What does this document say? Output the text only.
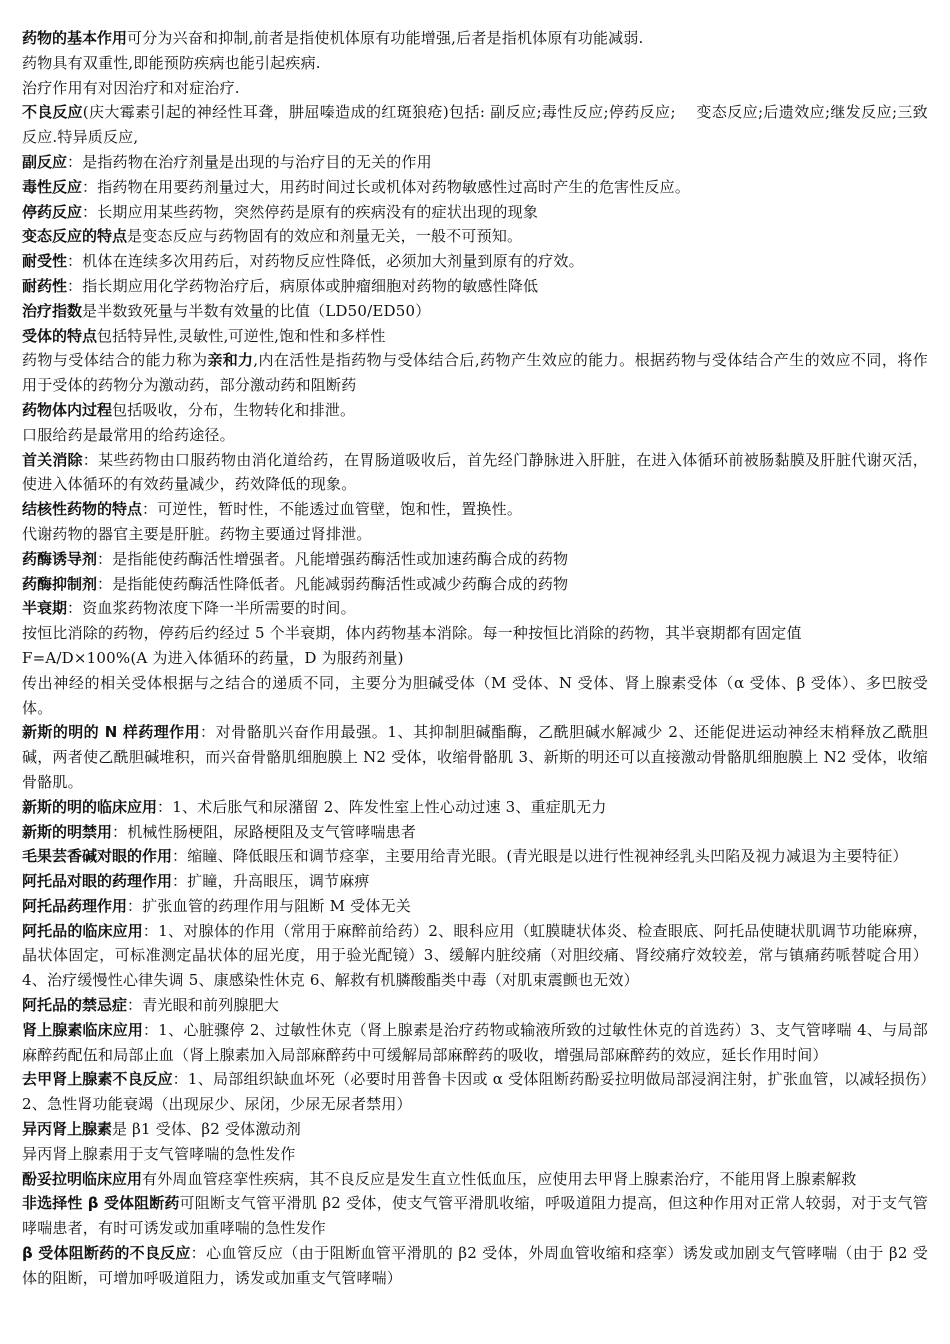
药物的基本作用可分为兴奋和抑制,前者是指使机体原有功能增强,后者是指机体原有功能减弱.

药物具有双重性,即能预防疾病也能引起疾病.

治疗作用有对因治疗和对症治疗.

不良反应(庆大霉素引起的神经性耳聋，肼屈嗪造成的红斑狼疮)包括: 副反应;毒性反应;停药反应;　 变态反应;后遗效应;继发反应;三致反应.特异质反应,

副反应：是指药物在治疗剂量是出现的与治疗目的无关的作用

毒性反应：指药物在用要药剂量过大，用药时间过长或机体对药物敏感性过高时产生的危害性反应。

停药反应：长期应用某些药物，突然停药是原有的疾病没有的症状出现的现象

变态反应的特点是变态反应与药物固有的效应和剂量无关，一般不可预知。

耐受性：机体在连续多次用药后，对药物反应性降低，必须加大剂量到原有的疗效。

耐药性：指长期应用化学药物治疗后，病原体或肿瘤细胞对药物的敏感性降低

治疗指数是半数致死量与半数有效量的比值（LD50/ED50）

受体的特点包括特异性,灵敏性,可逆性,饱和性和多样性

药物与受体结合的能力称为亲和力,内在活性是指药物与受体结合后,药物产生效应的能力。根据药物与受体结合产生的效应不同，将作用于受体的药物分为激动药，部分激动药和阻断药

药物体内过程包括吸收，分布，生物转化和排泄。

口服给药是最常用的给药途径。

首关消除：某些药物由口服药物由消化道给药，在胃肠道吸收后，首先经门静脉进入肝脏，在进入体循环前被肠黏膜及肝脏代谢灭活，使进入体循环的有效药量减少，药效降低的现象。

结核性药物的特点：可逆性，暂时性，不能透过血管壁，饱和性，置换性。

代谢药物的器官主要是肝脏。药物主要通过肾排泄。

药酶诱导剂：是指能使药酶活性增强者。凡能增强药酶活性或加速药酶合成的药物

药酶抑制剂：是指能使药酶活性降低者。凡能减弱药酶活性或减少药酶合成的药物

半衰期：资血浆药物浓度下降一半所需要的时间。

按恒比消除的药物，停药后约经过 5 个半衰期，体内药物基本消除。每一种按恒比消除的药物，其半衰期都有固定值

F=A/D×100%(A 为进入体循环的药量，D 为服药剂量)

传出神经的相关受体根据与之结合的递质不同，主要分为胆碱受体（M 受体、N 受体、肾上腺素受体（α 受体、β 受体）、多巴胺受体。

新斯的明的 N 样药理作用：对骨骼肌兴奋作用最强。1、其抑制胆碱酯酶，乙酰胆碱水解减少 2、还能促进运动神经末梢释放乙酰胆碱，两者使乙酰胆碱堆积，而兴奋骨骼肌细胞膜上 N2 受体，收缩骨骼肌 3、新斯的明还可以直接激动骨骼肌细胞膜上 N2 受体，收缩骨骼肌。

新斯的明的临床应用：1、术后胀气和尿潴留 2、阵发性室上性心动过速 3、重症肌无力

新斯的明禁用：机械性肠梗阻，尿路梗阻及支气管哮喘患者

毛果芸香碱对眼的作用：缩瞳、降低眼压和调节痉挛，主要用给青光眼。(青光眼是以进行性视神经乳头凹陷及视力减退为主要特征）

阿托品对眼的药理作用：扩瞳，升高眼压，调节麻痹

阿托品药理作用：扩张血管的药理作用与阻断 M 受体无关

阿托品的临床应用：1、对腺体的作用（常用于麻醉前给药）2、眼科应用（虹膜睫状体炎、检查眼底、阿托品使睫状肌调节功能麻痹，晶状体固定，可标准测定晶状体的屈光度，用于验光配镜）3、缓解内脏绞痛（对胆绞痛、肾绞痛疗效较差，常与镇痛药哌替啶合用）4、治疗缓慢性心律失调 5、康感染性休克 6、解救有机膦酸酯类中毒（对肌束震颤也无效）

阿托品的禁忌症：青光眼和前列腺肥大

肾上腺素临床应用：1、心脏骤停 2、过敏性休克（肾上腺素是治疗药物或输液所致的过敏性休克的首选药）3、支气管哮喘 4、与局部麻醉药配伍和局部止血（肾上腺素加入局部麻醉药中可缓解局部麻醉药的吸收，增强局部麻醉药的效应，延长作用时间）

去甲肾上腺素不良反应：1、局部组织缺血坏死（必要时用普鲁卡因或 α 受体阻断药酚妥拉明做局部浸润注射，扩张血管，以减轻损伤）2、急性肾功能衰竭（出现尿少、尿闭，少尿无尿者禁用）

异丙肾上腺素是 β1 受体、β2 受体激动剂

异丙肾上腺素用于支气管哮喘的急性发作

酚妥拉明临床应用有外周血管痉挛性疾病，其不良反应是发生直立性低血压，应使用去甲肾上腺素治疗，不能用肾上腺素解救

非选择性 β 受体阻断药可阻断支气管平滑肌 β2 受体，使支气管平滑肌收缩，呼吸道阻力提高，但这种作用对正常人较弱，对于支气管哮喘患者，有时可诱发或加重哮喘的急性发作

β 受体阻断药的不良反应：心血管反应（由于阻断血管平滑肌的 β2 受体，外周血管收缩和痉挛）诱发或加剧支气管哮喘（由于 β2 受体的阻断，可增加呼吸道阻力，诱发或加重支气管哮喘）
